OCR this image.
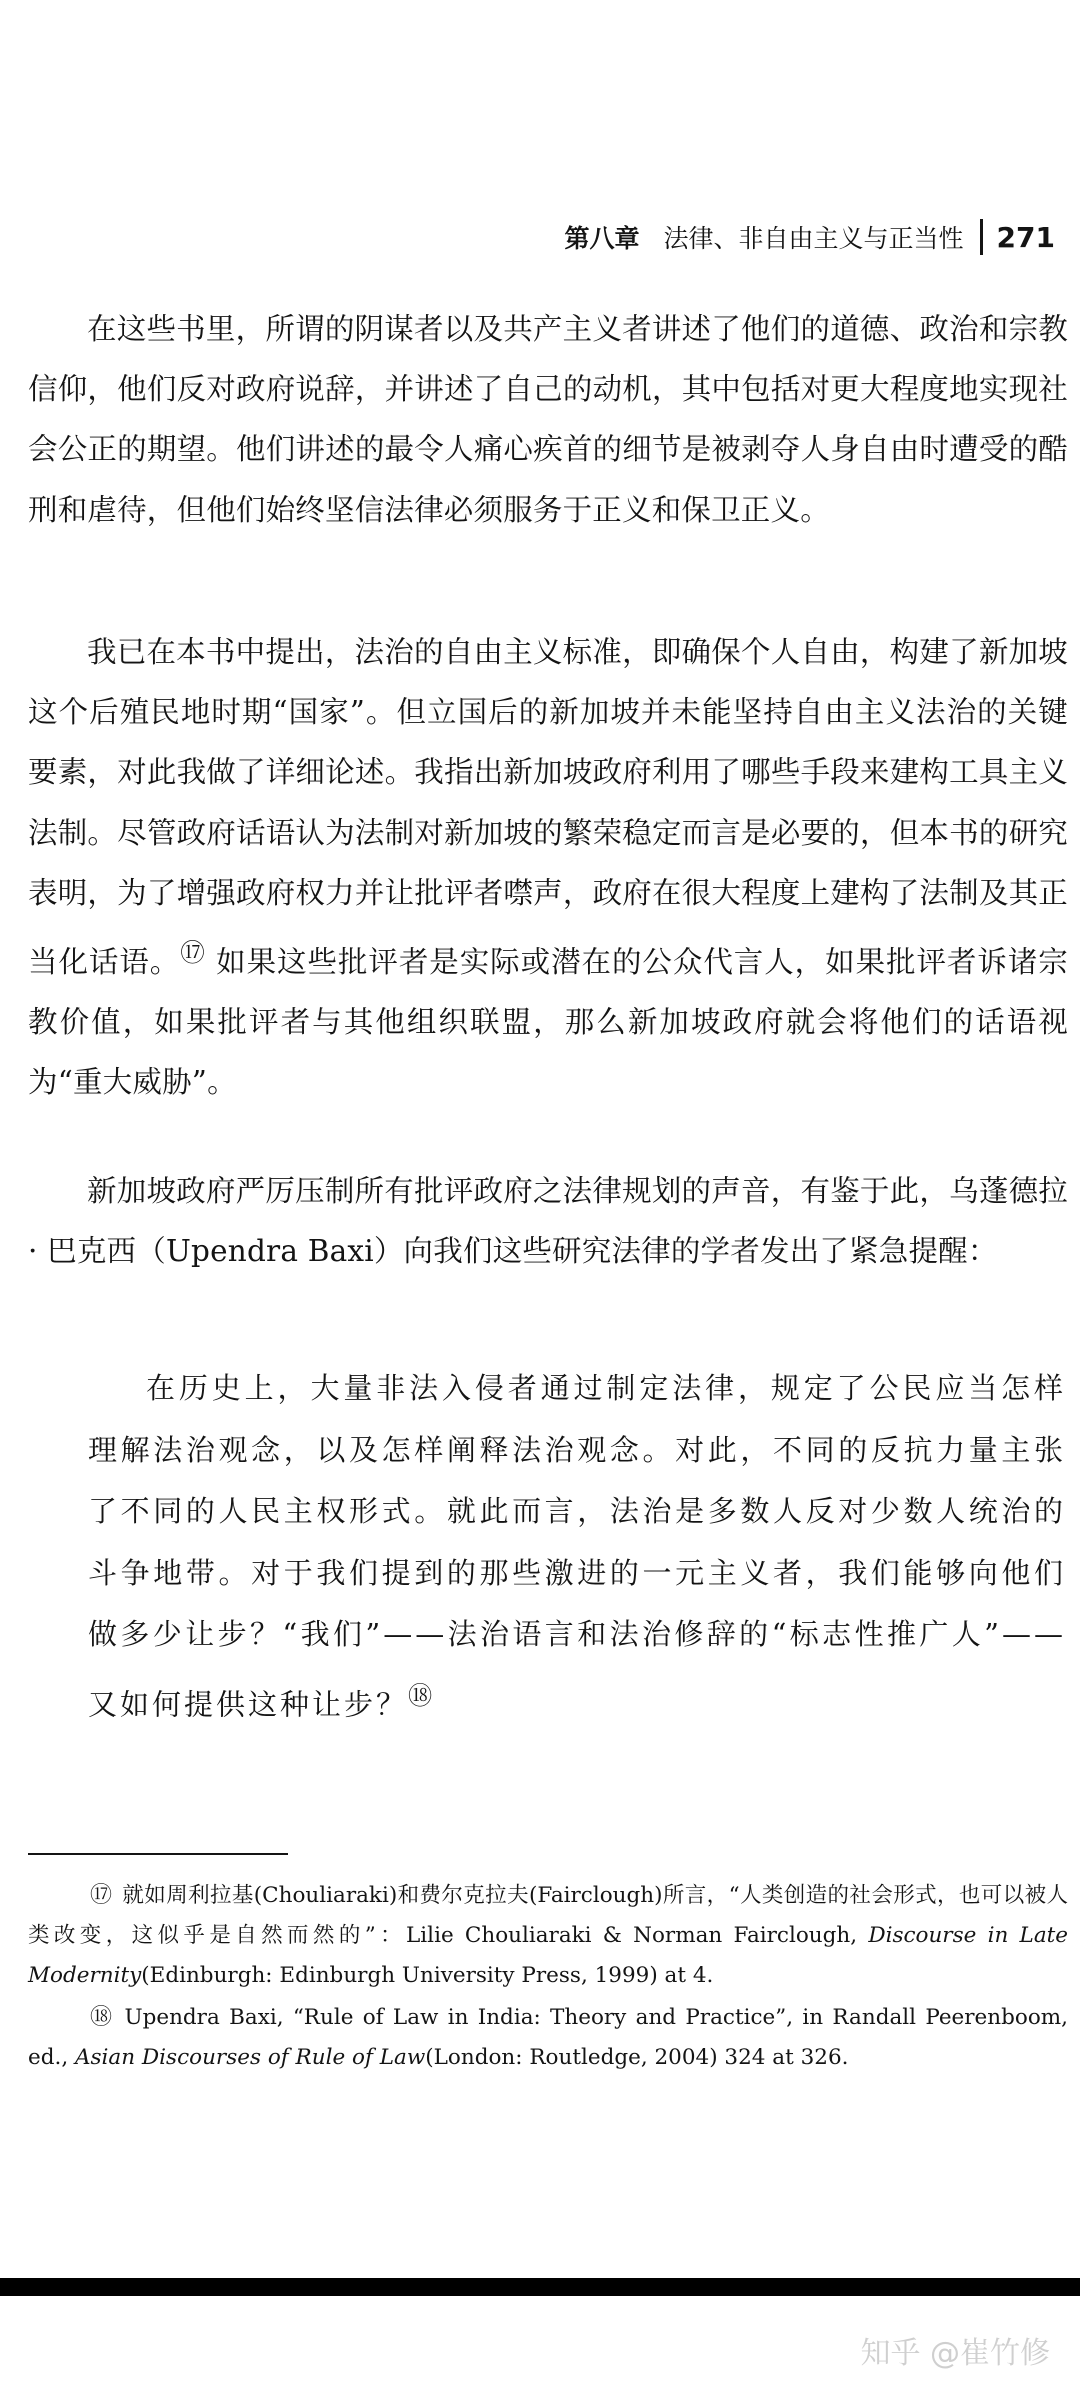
第八章 法律、非自由主义与正当性 271

在这些书里，所谓的阴谋者以及共产主义者讲述了他们的道德、政治和宗教信仰，他们反对政府说辞，并讲述了自己的动机，其中包括对更大程度地实现社会公正的期望。他们讲述的最令人痛心疾首的细节是被剥夺人身自由时遭受的酷刑和虐待，但他们始终坚信法律必须服务于正义和保卫正义。

我已在本书中提出，法治的自由主义标准，即确保个人自由，构建了新加坡这个后殖民地时期“国家”。但立国后的新加坡并未能坚持自由主义法治的关键要素，对此我做了详细论述。我指出新加坡政府利用了哪些手段来建构工具主义法制。尽管政府话语认为法制对新加坡的繁荣稳定而言是必要的，但本书的研究表明，为了增强政府权力并让批评者噤声，政府在很大程度上建构了法制及其正当化话语。⑰ 如果这些批评者是实际或潜在的公众代言人，如果批评者诉诸宗教价值，如果批评者与其他组织联盟，那么新加坡政府就会将他们的话语视为“重大威胁”。

新加坡政府严厉压制所有批评政府之法律规划的声音，有鉴于此，乌蓬德拉 · 巴克西（Upendra Baxi）向我们这些研究法律的学者发出了紧急提醒：

在历史上，大量非法入侵者通过制定法律，规定了公民应当怎样理解法治观念，以及怎样阐释法治观念。对此，不同的反抗力量主张了不同的人民主权形式。就此而言，法治是多数人反对少数人统治的斗争地带。对于我们提到的那些激进的一元主义者，我们能够向他们做多少让步？“我们”——法治语言和法治修辞的“标志性推广人”——又如何提供这种让步？⑱

⑰ 就如周利拉基(Chouliaraki)和费尔克拉夫(Fairclough)所言，“人类创造的社会形式，也可以被人类改变，这似乎是自然而然的”：Lilie Chouliaraki & Norman Fairclough, Discourse in Late Modernity(Edinburgh: Edinburgh University Press, 1999) at 4.

⑱ Upendra Baxi, “Rule of Law in India: Theory and Practice”, in Randall Peerenboom, ed., Asian Discourses of Rule of Law(London: Routledge, 2004) 324 at 326.

知乎 @崔竹修
